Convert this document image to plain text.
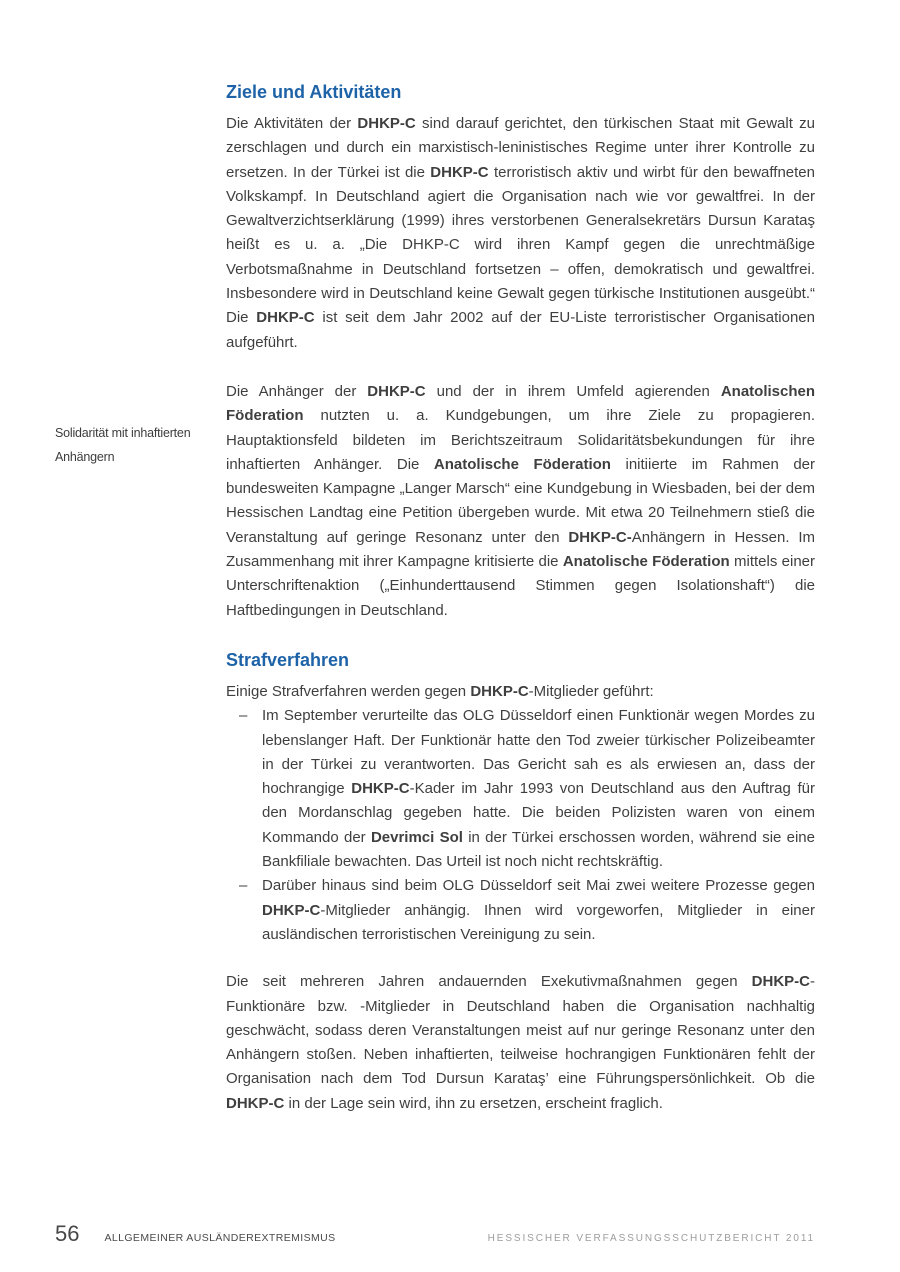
Solidarität mit inhaftierten
Anhängern
Ziele und Aktivitäten

Die Aktivitäten der DHKP-C sind darauf gerichtet, den türkischen Staat mit Gewalt zu zerschlagen und durch ein marxistisch-leninistisches Regime unter ihrer Kontrolle zu ersetzen. In der Türkei ist die DHKP-C terroristisch aktiv und wirbt für den bewaffneten Volkskampf. In Deutschland agiert die Organisation nach wie vor gewaltfrei. In der Gewaltverzichtserklärung (1999) ihres verstorbenen Generalsekretärs Dursun Karataş heißt es u. a. „Die DHKP-C wird ihren Kampf gegen die unrechtmäßige Verbotsmaßnahme in Deutschland fortsetzen – offen, demokratisch und gewaltfrei. Insbesondere wird in Deutschland keine Gewalt gegen türkische Institutionen ausgeübt.“ Die DHKP-C ist seit dem Jahr 2002 auf der EU-Liste terroristischer Organisationen aufgeführt.

Die Anhänger der DHKP-C und der in ihrem Umfeld agierenden Anatolischen Föderation nutzten u. a. Kundgebungen, um ihre Ziele zu propagieren. Hauptaktionsfeld bildeten im Berichtszeitraum Solidaritätsbekundungen für ihre inhaftierten Anhänger. Die Anatolische Föderation initiierte im Rahmen der bundesweiten Kampagne „Langer Marsch“ eine Kundgebung in Wiesbaden, bei der dem Hessischen Landtag eine Petition übergeben wurde. Mit etwa 20 Teilnehmern stieß die Veranstaltung auf geringe Resonanz unter den DHKP-C-Anhängern in Hessen. Im Zusammenhang mit ihrer Kampagne kritisierte die Anatolische Föderation mittels einer Unterschriftenaktion („Einhunderttausend Stimmen gegen Isolationshaft“) die Haftbedingungen in Deutschland.

Strafverfahren

Einige Strafverfahren werden gegen DHKP-C-Mitglieder geführt:

– Im September verurteilte das OLG Düsseldorf einen Funktionär wegen Mordes zu lebenslanger Haft. Der Funktionär hatte den Tod zweier türkischer Polizeibeamter in der Türkei zu verantworten. Das Gericht sah es als erwiesen an, dass der hochrangige DHKP-C-Kader im Jahr 1993 von Deutschland aus den Auftrag für den Mordanschlag gegeben hatte. Die beiden Polizisten waren von einem Kommando der Devrimci Sol in der Türkei erschossen worden, während sie eine Bankfiliale bewachten. Das Urteil ist noch nicht rechtskräftig.
– Darüber hinaus sind beim OLG Düsseldorf seit Mai zwei weitere Prozesse gegen DHKP-C-Mitglieder anhängig. Ihnen wird vorgeworfen, Mitglieder in einer ausländischen terroristischen Vereinigung zu sein.

Die seit mehreren Jahren andauernden Exekutivmaßnahmen gegen DHKP-C-Funktionäre bzw. -Mitglieder in Deutschland haben die Organisation nachhaltig geschwächt, sodass deren Veranstaltungen meist auf nur geringe Resonanz unter den Anhängern stoßen. Neben inhaftierten, teilweise hochrangigen Funktionären fehlt der Organisation nach dem Tod Dursun Karataş’ eine Führungspersönlichkeit. Ob die DHKP-C in der Lage sein wird, ihn zu ersetzen, erscheint fraglich.

56 ALLGEMEINER AUSLÄNDEREXTREMISMUS	HESSISCHER VERFASSUNGSSCHUTZBERICHT 2011
